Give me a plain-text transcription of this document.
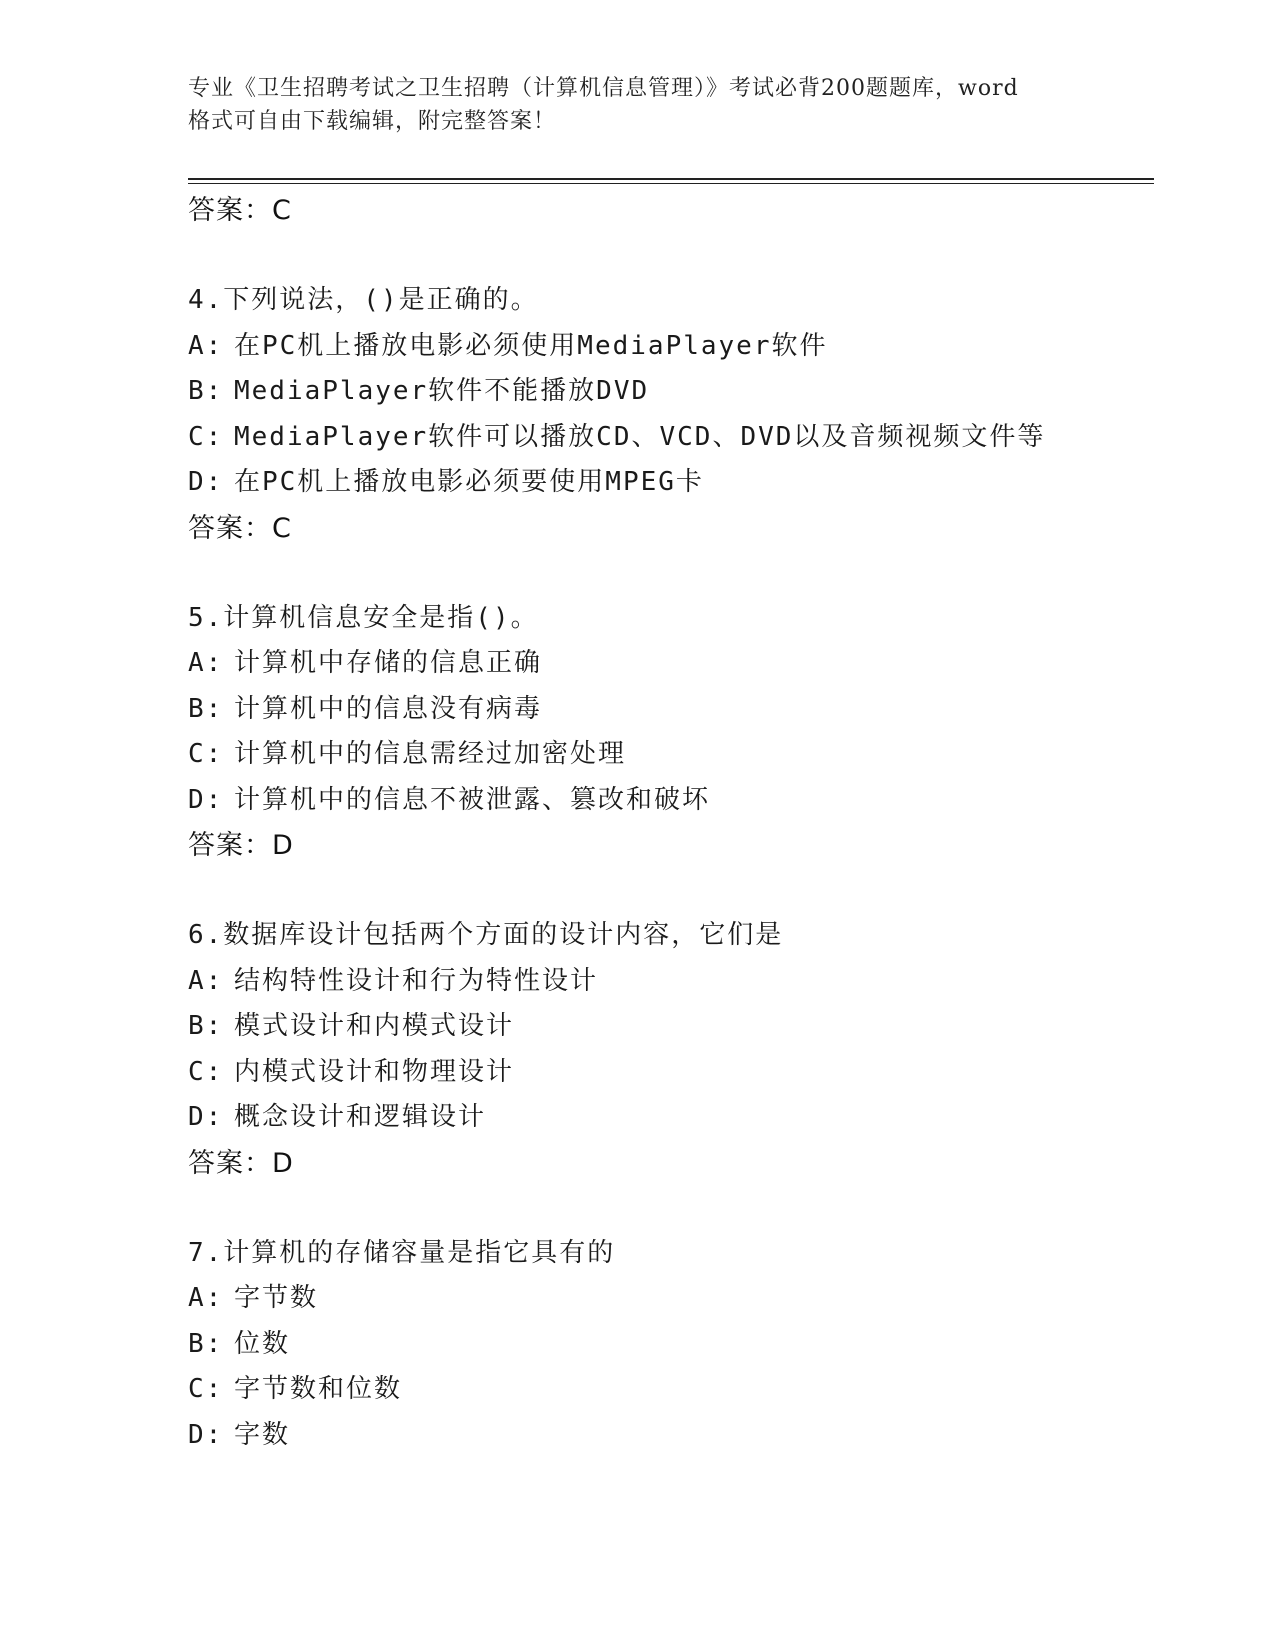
专业《卫生招聘考试之卫生招聘（计算机信息管理）》考试必背200题题库，word
格式可自由下载编辑，附完整答案！
答案：C
4.下列说法，()是正确的。
A: 在PC机上播放电影必须使用MediaPlayer软件
B: MediaPlayer软件不能播放DVD
C: MediaPlayer软件可以播放CD、VCD、DVD以及音频视频文件等
D: 在PC机上播放电影必须要使用MPEG卡
答案：C
5.计算机信息安全是指()。
A: 计算机中存储的信息正确
B: 计算机中的信息没有病毒
C: 计算机中的信息需经过加密处理
D: 计算机中的信息不被泄露、篡改和破坏
答案：D
6.数据库设计包括两个方面的设计内容，它们是
A: 结构特性设计和行为特性设计
B: 模式设计和内模式设计
C: 内模式设计和物理设计
D: 概念设计和逻辑设计
答案：D
7.计算机的存储容量是指它具有的
A: 字节数
B: 位数
C: 字节数和位数
D: 字数
